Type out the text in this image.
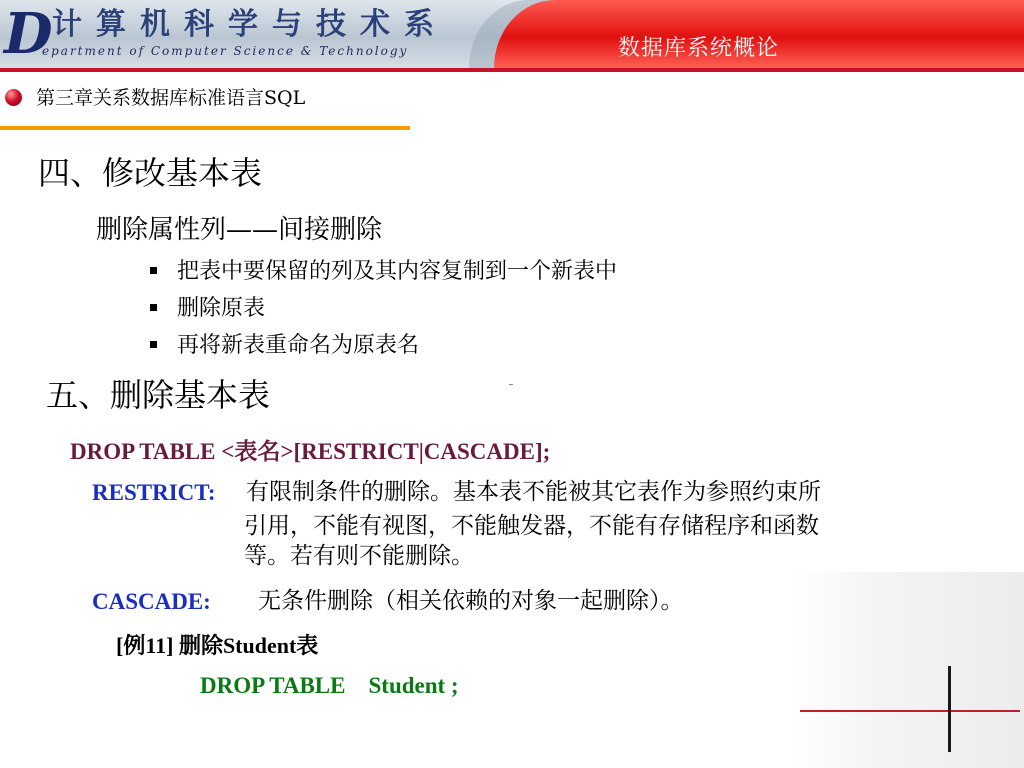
D 计算机科学与技术系
epartment of Computer Science & Technology	数据库系统概论
第三章关系数据库标准语言SQL
四、修改基本表
删除属性列——间接删除
把表中要保留的列及其内容复制到一个新表中
删除原表
再将新表重命名为原表名
五、删除基本表
DROP TABLE <表名>[RESTRICT|CASCADE];
RESTRICT: 有限制条件的删除。基本表不能被其它表作为参照约束所
引用，不能有视图，不能触发器，不能有存储程序和函数
等。若有则不能删除。
CASCADE: 无条件删除（相关依赖的对象一起删除）。
[例11] 删除Student表
DROP TABLE    Student ;
